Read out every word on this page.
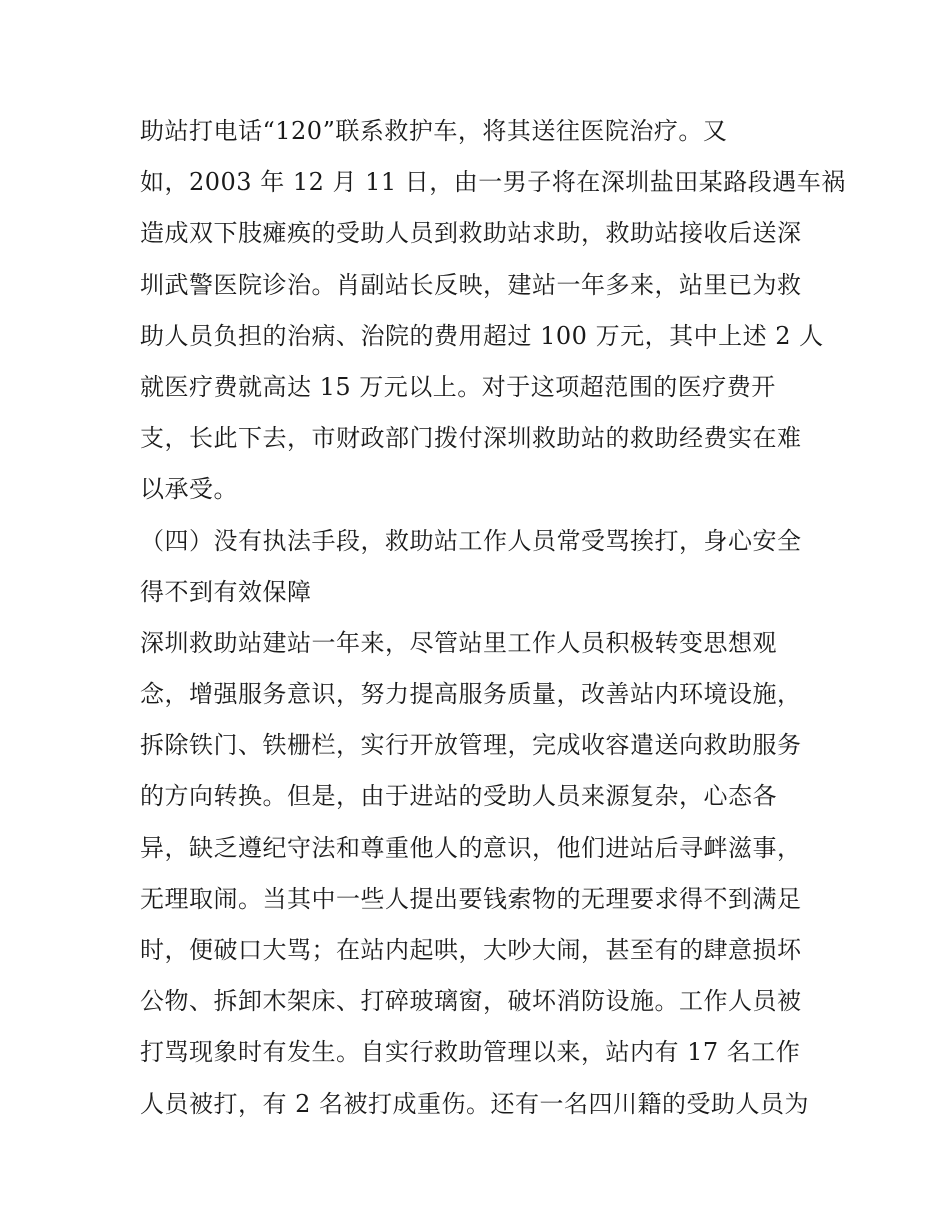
助站打电话“120”联系救护车，将其送往医院治疗。又
如，2003 年 12 月 11 日，由一男子将在深圳盐田某路段遇车祸
造成双下肢瘫痪的受助人员到救助站求助，救助站接收后送深
圳武警医院诊治。肖副站长反映，建站一年多来，站里已为救
助人员负担的治病、治院的费用超过 100 万元，其中上述 2 人
就医疗费就高达 15 万元以上。对于这项超范围的医疗费开
支，长此下去，市财政部门拨付深圳救助站的救助经费实在难
以承受。
（四）没有执法手段，救助站工作人员常受骂挨打，身心安全
得不到有效保障
深圳救助站建站一年来，尽管站里工作人员积极转变思想观
念，增强服务意识，努力提高服务质量，改善站内环境设施，
拆除铁门、铁栅栏，实行开放管理，完成收容遣送向救助服务
的方向转换。但是，由于进站的受助人员来源复杂，心态各
异，缺乏遵纪守法和尊重他人的意识，他们进站后寻衅滋事，
无理取闹。当其中一些人提出要钱索物的无理要求得不到满足
时，便破口大骂；在站内起哄，大吵大闹，甚至有的肆意损坏
公物、拆卸木架床、打碎玻璃窗，破坏消防设施。工作人员被
打骂现象时有发生。自实行救助管理以来，站内有 17 名工作
人员被打，有 2 名被打成重伤。还有一名四川籍的受助人员为
